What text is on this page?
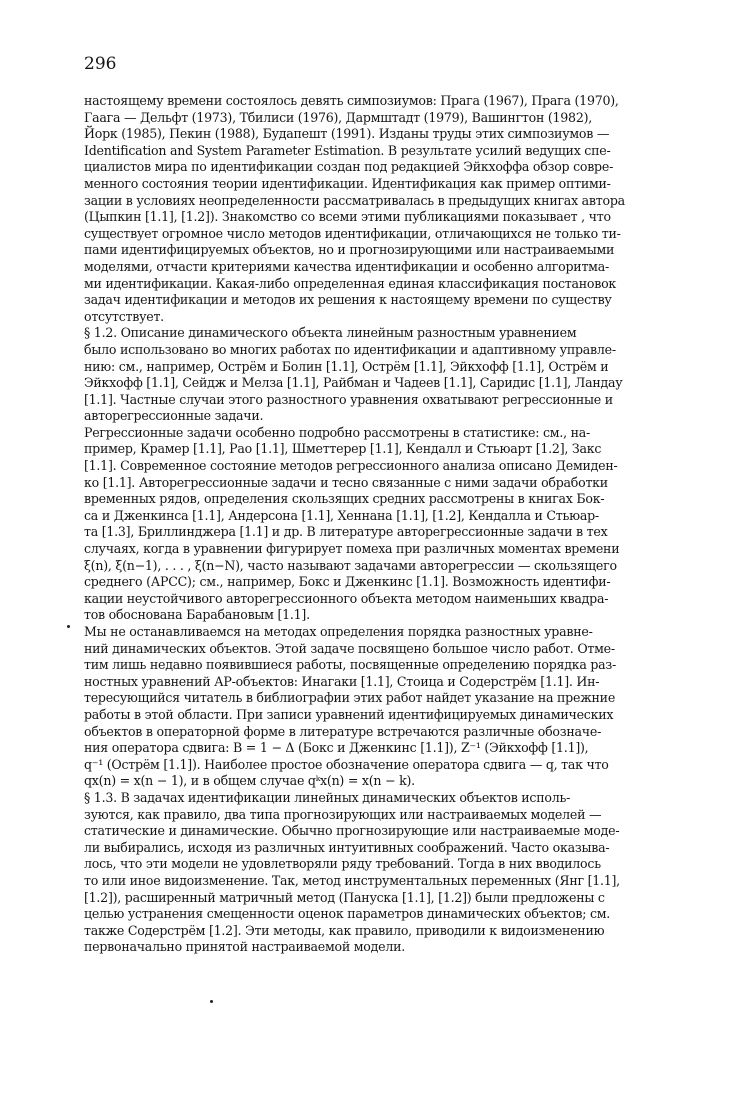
296
настоящему времени состоялось девять симпозиумов: Прага (1967), Прага (1970),
Гаага — Дельфт (1973), Тбилиси (1976), Дармштадт (1979), Вашингтон (1982),
Йорк (1985), Пекин (1988), Будапешт (1991). Изданы труды этих симпозиумов —
Identification and System Parameter Estimation. В результате усилий ведущих спе-
циалистов мира по идентификации создан под редакцией Эйкхоффа обзор совре-
менного состояния теории идентификации. Идентификация как пример оптими-
зации в условиях неопределенности рассматривалась в предыдущих книгах автора
(Цыпкин [1.1], [1.2]). Знакомство со всеми этими публикациями показывает , что
существует огромное число методов идентификации, отличающихся не только ти-
пами идентифицируемых объектов, но и прогнозирующими или настраиваемыми
моделями, отчасти критериями качества идентификации и особенно алгоритма-
ми идентификации. Какая-либо определенная единая классификация постановок
задач идентификации и методов их решения к настоящему времени по существу
отсутствует.
§ 1.2. Описание динамического объекта линейным разностным уравнением
было использовано во многих работах по идентификации и адаптивному управле-
нию: см., например, Острём и Болин [1.1], Острём [1.1], Эйкхофф [1.1], Острём и
Эйкхофф [1.1], Сейдж и Мелза [1.1], Райбман и Чадеев [1.1], Саридис [1.1], Ландау
[1.1]. Частные случаи этого разностного уравнения охватывают регрессионные и
авторегрессионные задачи.
Регрессионные задачи особенно подробно рассмотрены в статистике: см., на-
пример, Крамер [1.1], Рао [1.1], Шметтерер [1.1], Кендалл и Стьюарт [1.2], Закс
[1.1]. Современное состояние методов регрессионного анализа описано Демиден-
ко [1.1]. Авторегрессионные задачи и тесно связанные с ними задачи обработки
временных рядов, определения скользящих средних рассмотрены в книгах Бок-
са и Дженкинса [1.1], Андерсона [1.1], Хеннана [1.1], [1.2], Кендалла и Стьюар-
та [1.3], Бриллинджера [1.1] и др. В литературе авторегрессионные задачи в тех
случаях, когда в уравнении фигурирует помеха при различных моментах времени
ξ(n), ξ(n−1), . . . , ξ(n−N), часто называют задачами авторегрессии — скользящего
среднего (АРСС); см., например, Бокс и Дженкинс [1.1]. Возможность идентифи-
кации неустойчивого авторегрессионного объекта методом наименьших квадра-
тов обоснована Барабановым [1.1].
Мы не останавливаемся на методах определения порядка разностных уравне-
ний динамических объектов. Этой задаче посвящено большое число работ. Отме-
тим лишь недавно появившиеся работы, посвященные определению порядка раз-
ностных уравнений АР-объектов: Инагаки [1.1], Стоица и Содерстрём [1.1]. Ин-
тересующийся читатель в библиографии этих работ найдет указание на прежние
работы в этой области. При записи уравнений идентифицируемых динамических
объектов в операторной форме в литературе встречаются различные обозначе-
ния оператора сдвига: B = 1 − Δ (Бокс и Дженкинс [1.1]), Z⁻¹ (Эйкхофф [1.1]),
q⁻¹ (Острём [1.1]). Наиболее простое обозначение оператора сдвига — q, так что
qx(n) = x(n − 1), и в общем случае qᵏx(n) = x(n − k).
§ 1.3. В задачах идентификации линейных динамических объектов исполь-
зуются, как правило, два типа прогнозирующих или настраиваемых моделей —
статические и динамические. Обычно прогнозирующие или настраиваемые моде-
ли выбирались, исходя из различных интуитивных соображений. Часто оказыва-
лось, что эти модели не удовлетворяли ряду требований. Тогда в них вводилось
то или иное видоизменение. Так, метод инструментальных переменных (Янг [1.1],
[1.2]), расширенный матричный метод (Пануска [1.1], [1.2]) были предложены с
целью устранения смещенности оценок параметров динамических объектов; см.
также Содерстрём [1.2]. Эти методы, как правило, приводили к видоизменению
первоначально принятой настраиваемой модели.
